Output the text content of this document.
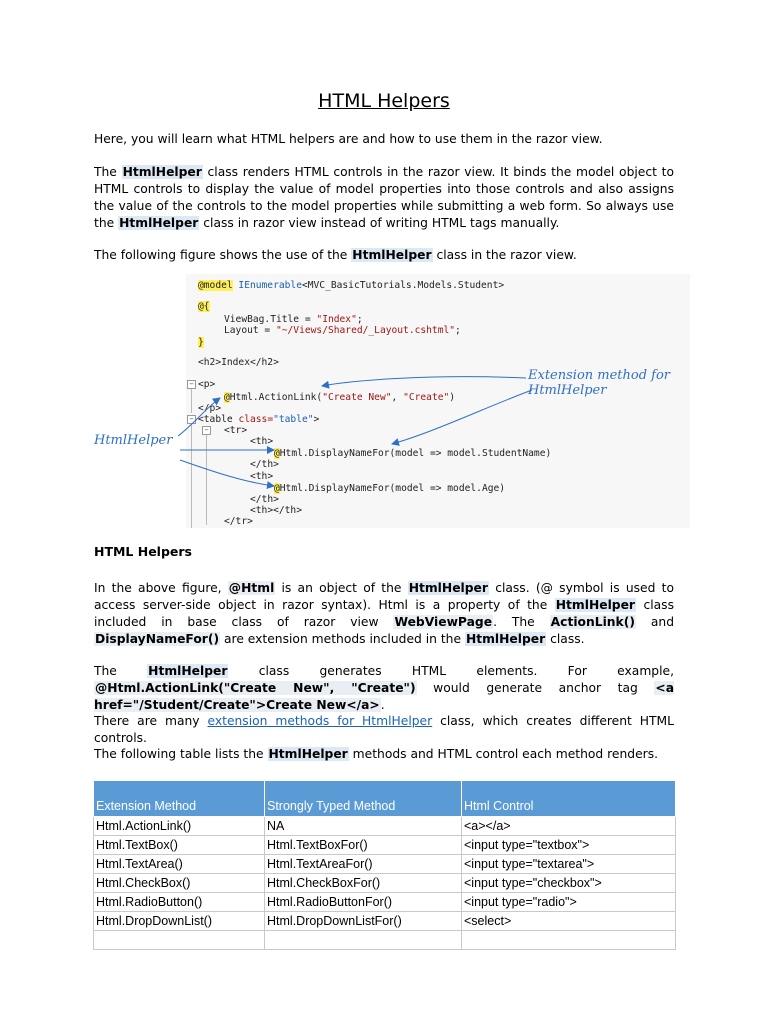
HTML Helpers
Here, you will learn what HTML helpers are and how to use them in the razor view.
The HtmlHelper class renders HTML controls in the razor view. It binds the model object to HTML controls to display the value of model properties into those controls and also assigns the value of the controls to the model properties while submitting a web form. So always use the HtmlHelper class in razor view instead of writing HTML tags manually.
The following figure shows the use of the HtmlHelper class in the razor view.
@model IEnumerable<MVC_BasicTutorials.Models.Student>
@{
ViewBag.Title = "Index";
Layout = "~/Views/Shared/_Layout.cshtml";
}
<h2>Index</h2>
− <p>
@Html.ActionLink("Create New", "Create")
</p>
− <table class="table">
− <tr>
<th>
@Html.DisplayNameFor(model => model.StudentName)
</th>
<th>
@Html.DisplayNameFor(model => model.Age)
</th>
<th></th>
</tr>
Extension method for HtmlHelper
HtmlHelper
HTML Helpers
In the above figure, @Html is an object of the HtmlHelper class. (@ symbol is used to access server-side object in razor syntax). Html is a property of the HtmlHelper class included in base class of razor view WebViewPage. The ActionLink() and DisplayNameFor() are extension methods included in the HtmlHelper class.
The HtmlHelper class generates HTML elements. For example, @Html.ActionLink("Create New", "Create") would generate anchor tag <a href="/Student/Create">Create New</a>.
There are many extension methods for HtmlHelper class, which creates different HTML controls.
The following table lists the HtmlHelper methods and HTML control each method renders.
Extension Method	Strongly Typed Method	Html Control
Html.ActionLink()	NA	<a></a>
Html.TextBox()	Html.TextBoxFor()	<input type="textbox">
Html.TextArea()	Html.TextAreaFor()	<input type="textarea">
Html.CheckBox()	Html.CheckBoxFor()	<input type="checkbox">
Html.RadioButton()	Html.RadioButtonFor()	<input type="radio">
Html.DropDownList()	Html.DropDownListFor()	<select>
